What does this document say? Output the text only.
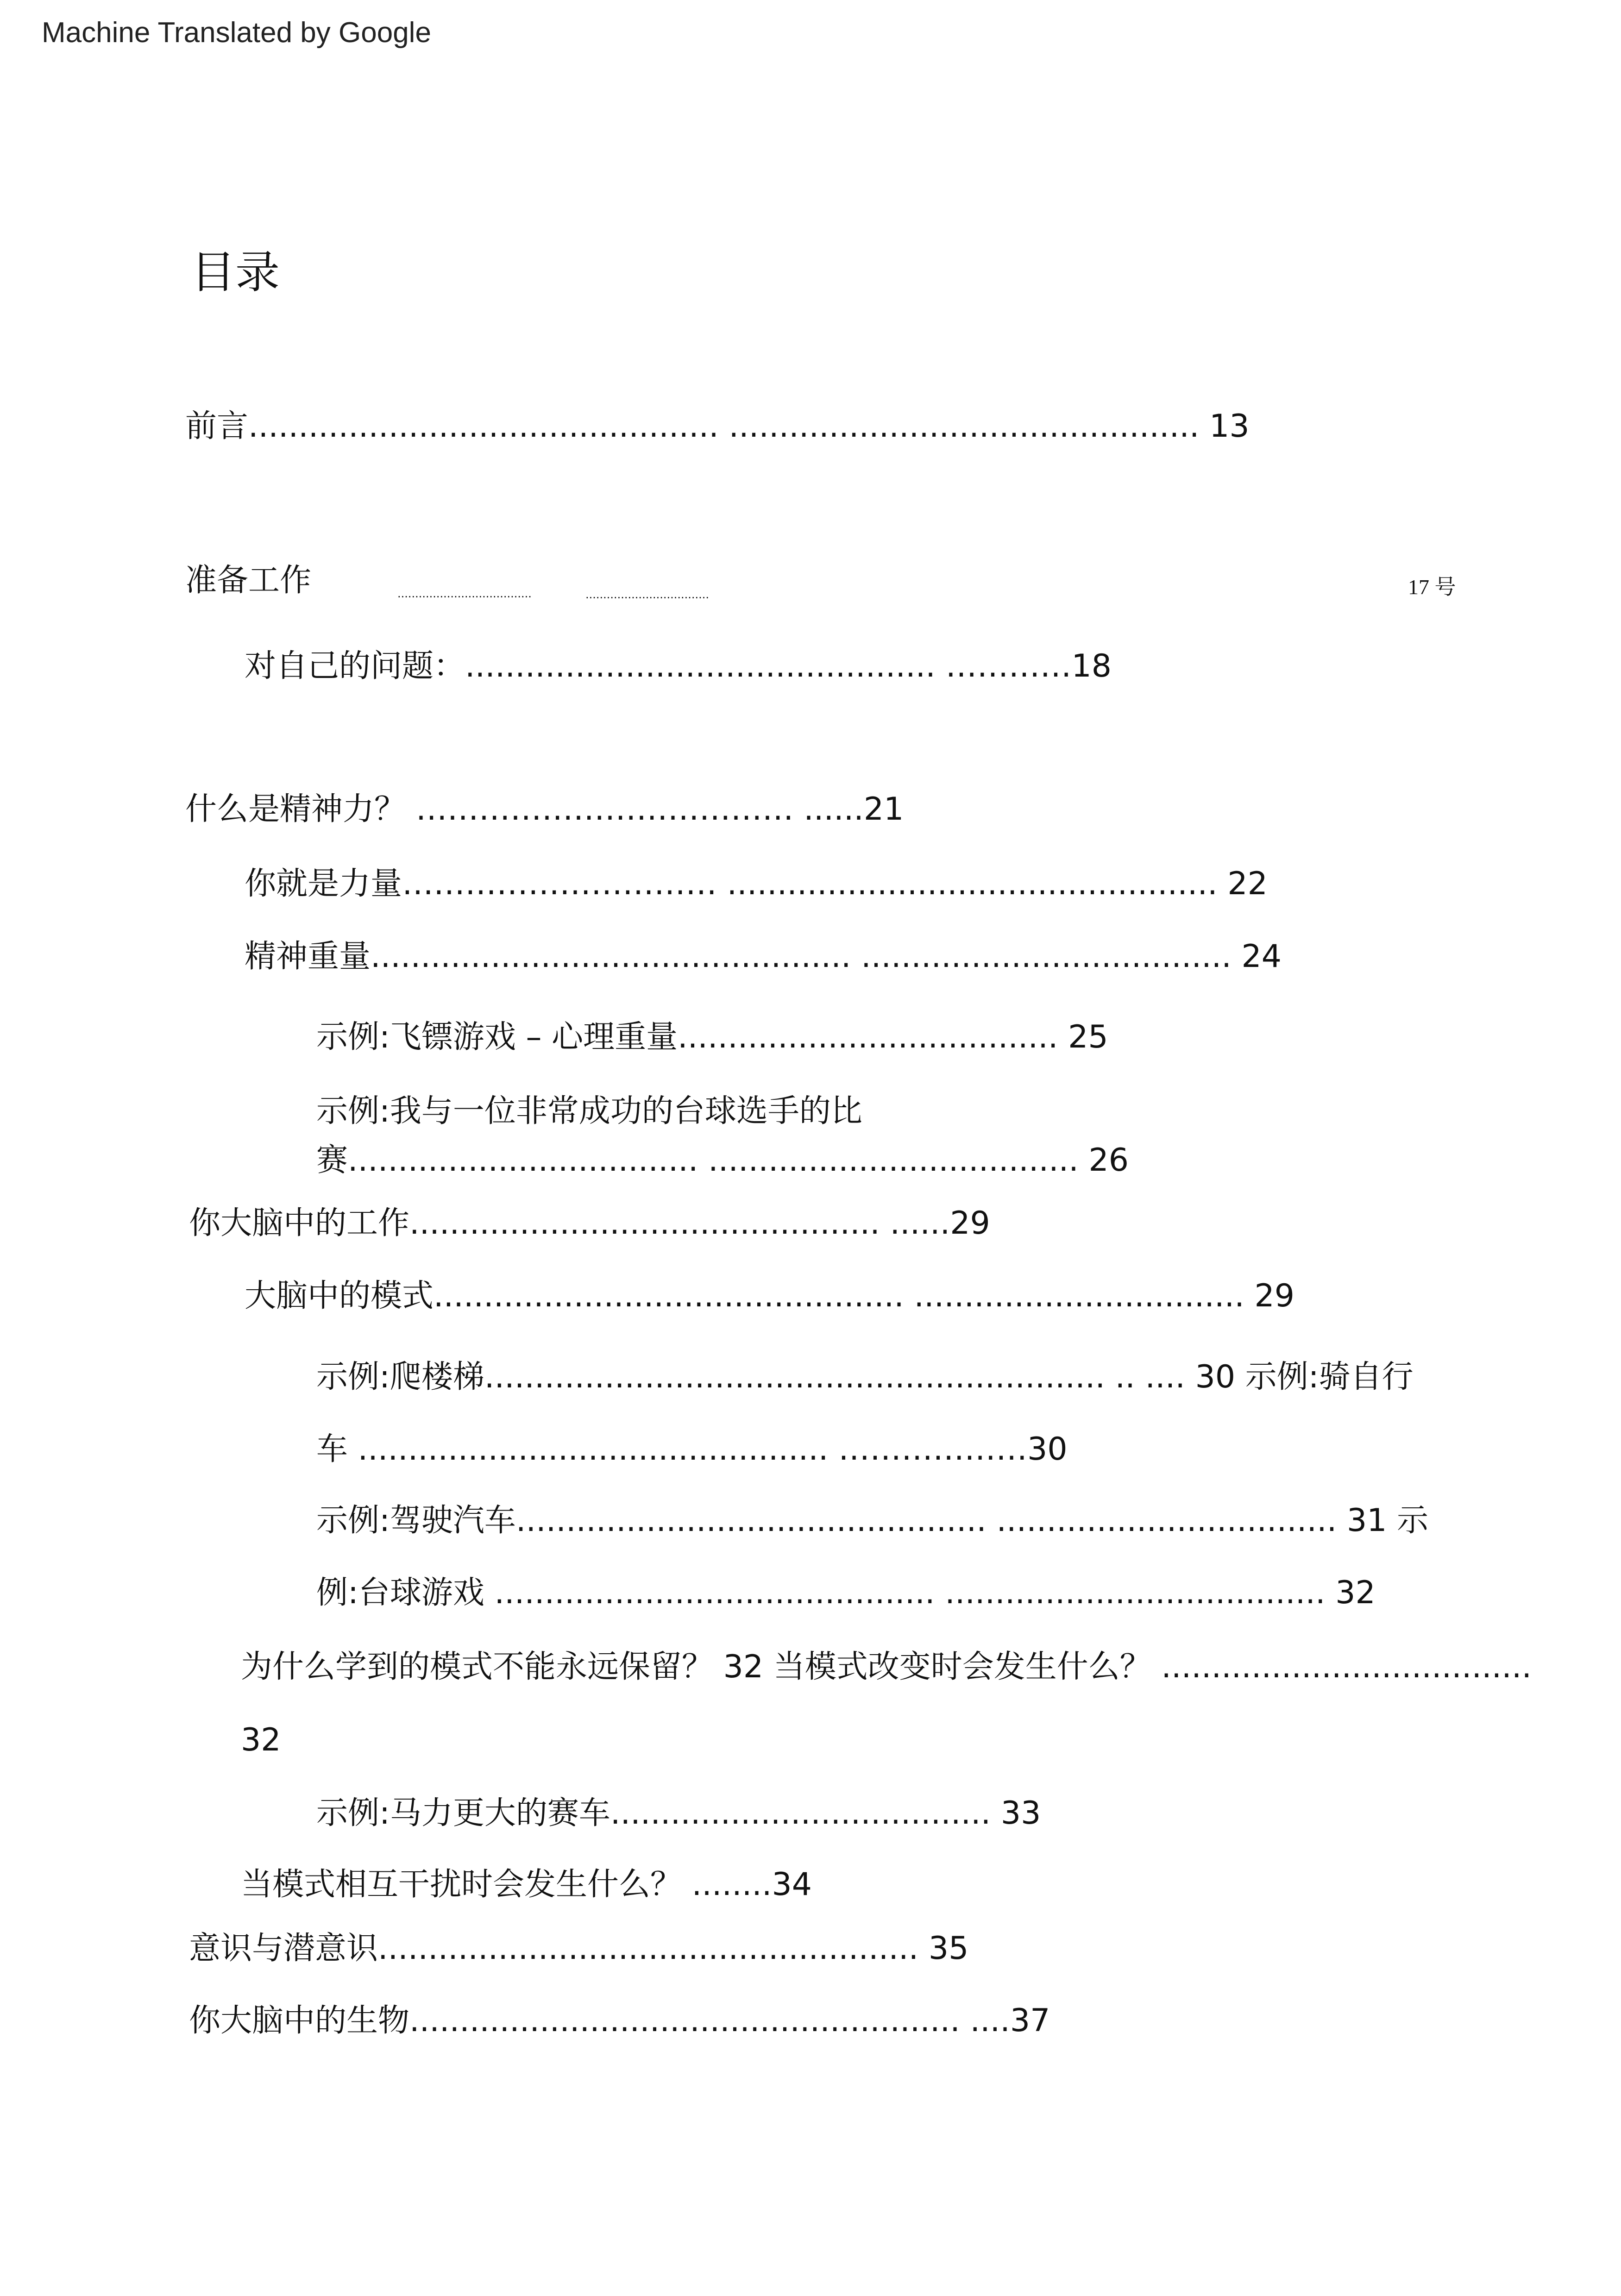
Machine Translated by Google
目录
前言............................................... ............................................... 13
准备工作	......................................	...................................	17 号
对自己的问题：............................................... …………18
什么是精神力？ ……………………………… ......21
你就是力量………………………… ................................................. 22
精神重量................................................ ..................................... 24
示例:飞镖游戏 – 心理重量...................................... 25
示例:我与一位非常成功的台球选手的比
赛................................... ..................................... 26
你大脑中的工作............................................... ......29
大脑中的模式............................................... ................................. 29
示例:爬楼梯.............................................................. .. .... 30 示例:骑自行
车 ............................................... ………………30
示例:驾驶汽车............................................... .................................. 31 示
例:台球游戏 ............................................ ...................................... 32
为什么学到的模式不能永远保留？ 32 当模式改变时会发生什么？ .....................................
32
示例:马力更大的赛车...................................... 33
当模式相互干扰时会发生什么？ ........34
意识与潜意识...................................................... 35
你大脑中的生物....................................................... ....37
